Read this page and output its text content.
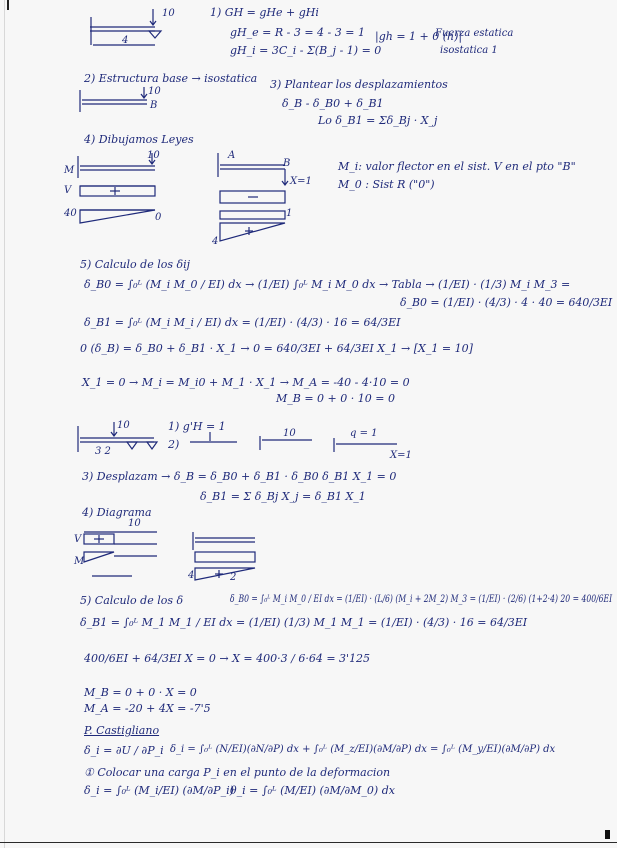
10
4
1) GH = gHe + gHi
gH_e = R - 3 = 4 - 3 = 1
gH_i = 3C_i - Σ(B_j - 1) = 0
|gh = 1 + 0 (h)|
Fuerza estatica
isostatica 1
2) Estructura base → isostatica
10
B
3) Plantear los desplazamientos
δ_B - δ_B0 + δ_B1
Lo δ_B1 = Σδ_Bj · X_j
4) Dibujamos Leyes
M
V
10
40	0
A
B
X=1
1
4
M_i: valor flector en el sist. V en el pto "B"
M_0 : Sist R ("0")
5) Calculo de los δij
δ_B0 = ∫₀ᴸ (M_i M_0 / EI) dx → (1/EI) ∫₀ᴸ M_i M_0 dx → Tabla → (1/EI) · (1/3) M_i M_3 =
δ_B0 = (1/EI) · (4/3) · 4 · 40 = 640/3EI
δ_B1 = ∫₀ᴸ (M_i M_i / EI) dx = (1/EI) · (4/3) · 16 = 64/3EI
0 (δ_B) = δ_B0 + δ_B1 · X_1 → 0 = 640/3EI + 64/3EI X_1 → [X_1 = 10]
X_1 = 0 → M_i = M_i0 + M_1 · X_1 → M_A = -40 - 4·10 = 0
M_B = 0 + 0 · 10 = 0
10
3 2
1) g'H = 1
2)
10	q = 1
X=1
3) Desplazam → δ_B = δ_B0 + δ_B1 · δ_B0 δ_B1 X_1 = 0
δ_B1 = Σ δ_Bj X_j = δ_B1 X_1
4) Diagrama
10
V
M
4	2
5) Calculo de los δ	δ_B0 = ∫₀ᴸ M_i M_0 / EI dx = (1/EI) · (L/6) (M_i + 2M_2) M_3 = (1/EI) · (2/6) (1+2·4) 20 = 400/6EI
δ_B1 = ∫₀ᴸ M_1 M_1 / EI dx = (1/EI) (1/3) M_1 M_1 = (1/EI) · (4/3) · 16 = 64/3EI
400/6EI + 64/3EI X = 0 → X = 400·3 / 6·64 = 3'125
M_B = 0 + 0 · X = 0
M_A = -20 + 4X = -7'5
P. Castigliano
δ_i = ∂U / ∂P_i δ_i = ∫₀ᴸ (N/EI)(∂N/∂P) dx + ∫₀ᴸ (M_z/EI)(∂M/∂P) dx = ∫₀ᴸ (M_y/EI)(∂M/∂P) dx
① Colocar una carga P_i en el punto de la deformacion
δ_i = ∫₀ᴸ (M_i/EI) (∂M/∂P_i)
θ_i = ∫₀ᴸ (M/EI) (∂M/∂M_0) dx
